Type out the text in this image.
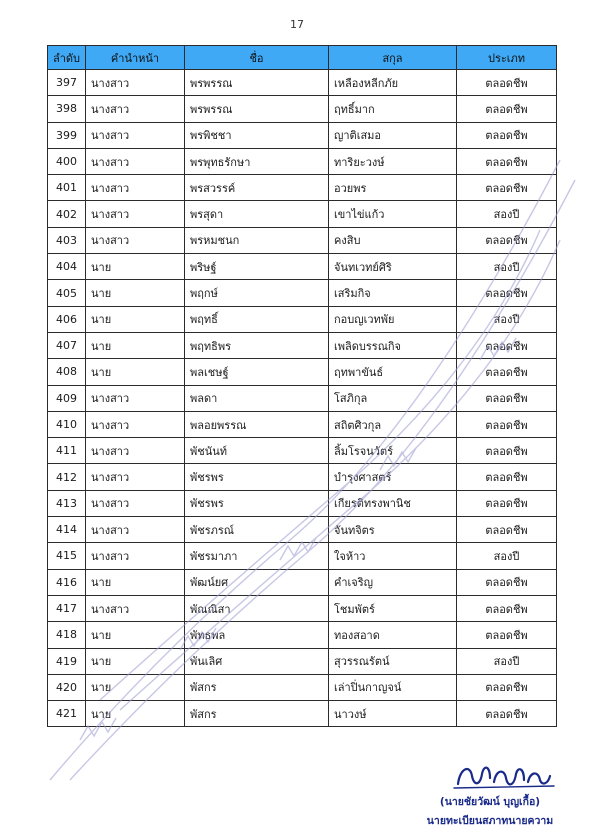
17
ลำดับ	คำนำหน้า	ชื่อ	สกุล	ประเภท
397	นางสาว	พรพรรณ	เหลืองหลีกภัย	ตลอดชีพ
398	นางสาว	พรพรรณ	ฤทธิ์มาก	ตลอดชีพ
399	นางสาว	พรพิชชา	ญาติเสมอ	ตลอดชีพ
400	นางสาว	พรพุทธรักษา	ทาริยะวงษ์	ตลอดชีพ
401	นางสาว	พรสวรรค์	อวยพร	ตลอดชีพ
402	นางสาว	พรสุดา	เขาไข่แก้ว	สองปี
403	นางสาว	พรหมชนก	คงสิบ	ตลอดชีพ
404	นาย	พริษฐ์	จันทเวทย์ศิริ	สองปี
405	นาย	พฤกษ์	เสริมกิจ	ตลอดชีพ
406	นาย	พฤทธิ์	กอบญเวทพัย	สองปี
407	นาย	พฤทธิพร	เพลิดบรรณกิจ	ตลอดชีพ
408	นาย	พลเชษฐ์	ฤทพาขันธ์	ตลอดชีพ
409	นางสาว	พลดา	โสภิกุล	ตลอดชีพ
410	นางสาว	พลอยพรรณ	สถิตศิวกุล	ตลอดชีพ
411	นางสาว	พัชนันท์	ลิ้มโรจนวัตร์	ตลอดชีพ
412	นางสาว	พัชรพร	บำรุงศาสตร์	ตลอดชีพ
413	นางสาว	พัชรพร	เกียรติทรงพานิช	ตลอดชีพ
414	นางสาว	พัชรภรณ์	จันทจิตร	ตลอดชีพ
415	นางสาว	พัชรมาภา	ใจห้าว	สองปี
416	นาย	พัฒน์ยศ	คำเจริญ	ตลอดชีพ
417	นางสาว	พัณณิสา	โชมพัตร์	ตลอดชีพ
418	นาย	พัทธพล	ทองสอาด	ตลอดชีพ
419	นาย	พันเลิศ	สุวรรณรัตน์	สองปี
420	นาย	พัสกร	เล่าปิ่นกาญจน์	ตลอดชีพ
421	นาย	พัสกร	นาวงษ์	ตลอดชีพ
(นายชัยวัฒน์ บุญเกื้อ)
นายทะเบียนสภาทนายความ
